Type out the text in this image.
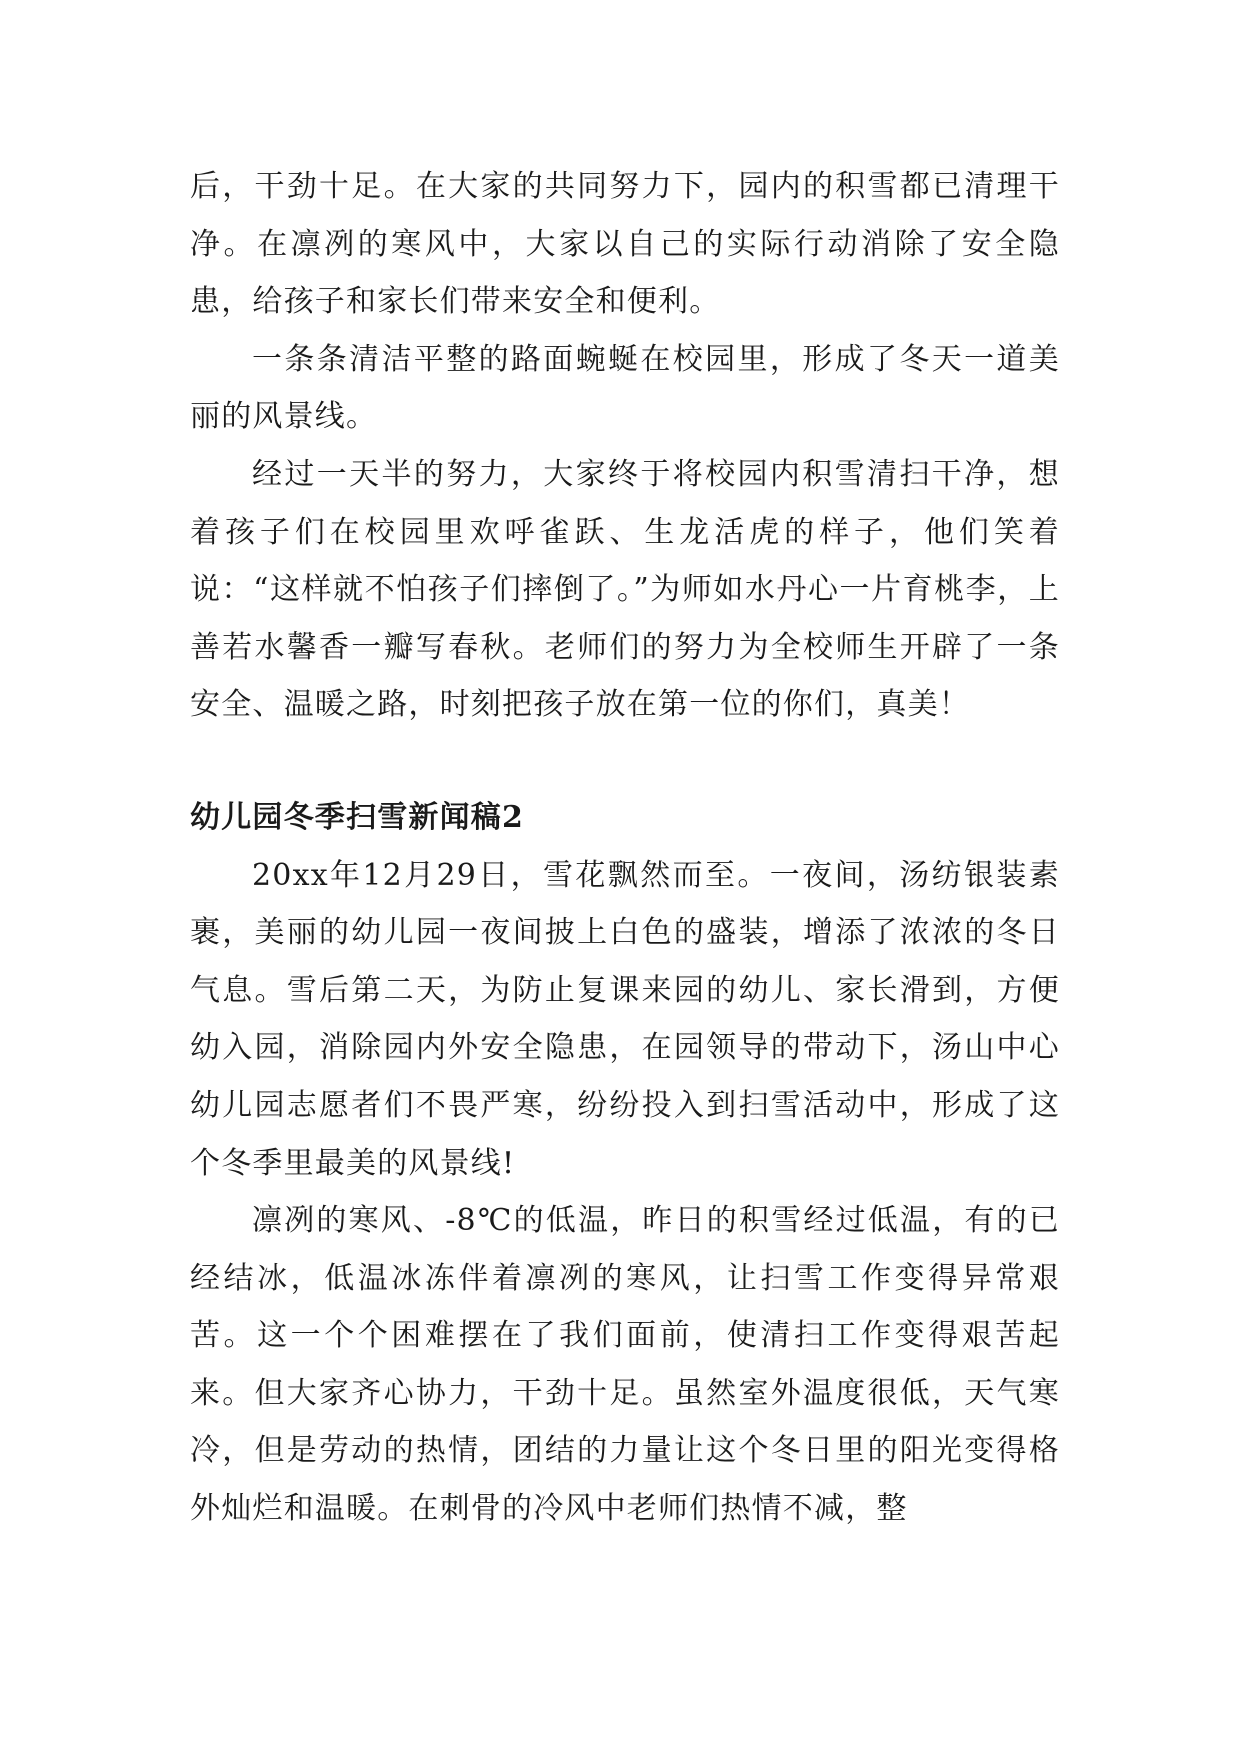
后，干劲十足。在大家的共同努力下，园内的积雪都已清理干净。在凛冽的寒风中，大家以自己的实际行动消除了安全隐患，给孩子和家长们带来安全和便利。

一条条清洁平整的路面蜿蜒在校园里，形成了冬天一道美丽的风景线。

经过一天半的努力，大家终于将校园内积雪清扫干净，想着孩子们在校园里欢呼雀跃、生龙活虎的样子，他们笑着说：“这样就不怕孩子们摔倒了。”为师如水丹心一片育桃李，上善若水馨香一瓣写春秋。老师们的努力为全校师生开辟了一条安全、温暖之路，时刻把孩子放在第一位的你们，真美！

幼儿园冬季扫雪新闻稿2

20xx年12月29日，雪花飘然而至。一夜间，汤纺银装素裹，美丽的幼儿园一夜间披上白色的盛装，增添了浓浓的冬日气息。雪后第二天，为防止复课来园的幼儿、家长滑到，方便幼入园，消除园内外安全隐患，在园领导的带动下，汤山中心幼儿园志愿者们不畏严寒，纷纷投入到扫雪活动中，形成了这个冬季里最美的风景线!

凛冽的寒风、-8℃的低温，昨日的积雪经过低温，有的已经结冰，低温冰冻伴着凛冽的寒风，让扫雪工作变得异常艰苦。这一个个困难摆在了我们面前，使清扫工作变得艰苦起来。但大家齐心协力，干劲十足。虽然室外温度很低，天气寒冷，但是劳动的热情，团结的力量让这个冬日里的阳光变得格外灿烂和温暖。在刺骨的冷风中老师们热情不减，整
